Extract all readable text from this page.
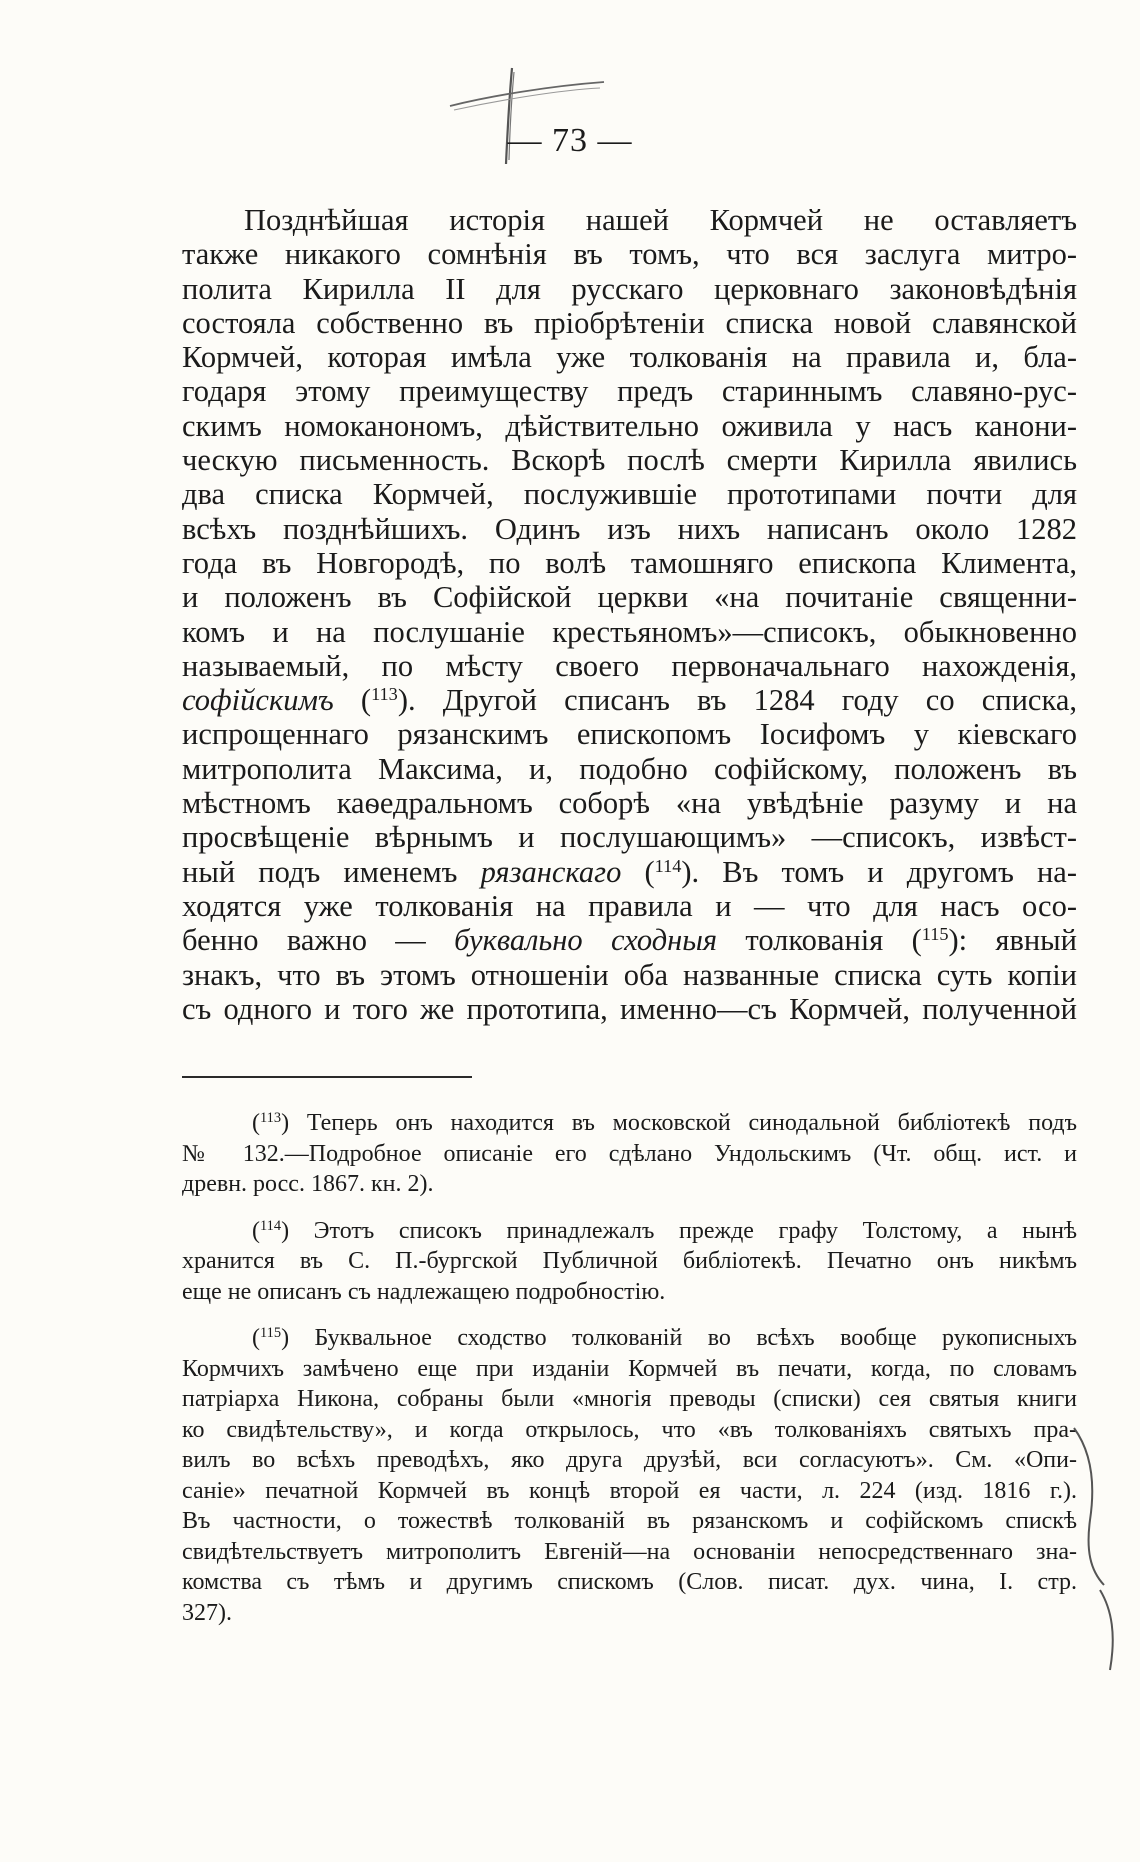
— 73 —
Позднѣйшая исторія нашей Кормчей не оставляетъ
также никакого сомнѣнія въ томъ, что вся заслуга митро-
полита Кирилла II для русскаго церковнаго законовѣдѣнія
состояла собственно въ пріобрѣтеніи списка новой славянской
Кормчей, которая имѣла уже толкованія на правила и, бла-
годаря этому преимуществу предъ стариннымъ славяно-рус-
скимъ номоканономъ, дѣйствительно оживила у насъ канони-
ческую письменность. Вскорѣ послѣ смерти Кирилла явились
два списка Кормчей, послужившіе прототипами почти для
всѣхъ позднѣйшихъ. Одинъ изъ нихъ написанъ около 1282
года въ Новгородѣ, по волѣ тамошняго епископа Климента,
и положенъ въ Софійской церкви «на почитаніе священни-
комъ и на послушаніе крестьяномъ»—списокъ, обыкновенно
называемый, по мѣсту своего первоначальнаго нахожденія,
софійскимъ ($^{113}$). Другой списанъ въ 1284 году со списка,
испрощеннаго рязанскимъ епископомъ Іосифомъ у кіевскаго
митрополита Максима, и, подобно софійскому, положенъ въ
мѣстномъ каѳедральномъ соборѣ «на увѣдѣніе разуму и на
просвѣщеніе вѣрнымъ и послушающимъ» —списокъ, извѣст-
ный подъ именемъ рязанскаго ($^{114}$). Въ томъ и другомъ на-
ходятся уже толкованія на правила и — что для насъ осо-
бенно важно — буквально сходныя толкованія ($^{115}$): явный
знакъ, что въ этомъ отношеніи оба названные списка суть копіи
съ одного и того же прототипа, именно—съ Кормчей, полученной
($^{113}$) Теперь онъ находится въ московской синодальной библіотекѣ подъ
№ 132.—Подробное описаніе его сдѣлано Ундольскимъ (Чт. общ. ист. и
древн. росс. 1867. кн. 2).
($^{114}$) Этотъ списокъ принадлежалъ прежде графу Толстому, а нынѣ
хранится въ С. П.-бургской Публичной библіотекѣ. Печатно онъ никѣмъ
еще не описанъ съ надлежащею подробностію.
($^{115}$) Буквальное сходство толкованій во всѣхъ вообще рукописныхъ
Кормчихъ замѣчено еще при изданіи Кормчей въ печати, когда, по словамъ
патріарха Никона, собраны были «многія преводы (списки) сея святыя книги
ко свидѣтельству», и когда открылось, что «въ толкованіяхъ святыхъ пра-
вилъ во всѣхъ преводѣхъ, яко друга друзѣй, вси согласуютъ». См. «Опи-
саніе» печатной Кормчей въ концѣ второй ея части, л. 224 (изд. 1816 г.).
Въ частности, о тожествѣ толкованій въ рязанскомъ и софійскомъ спискѣ
свидѣтельствуетъ митрополитъ Евгеній—на основаніи непосредственнаго зна-
комства съ тѣмъ и другимъ спискомъ (Слов. писат. дух. чина, I. стр.
327).
